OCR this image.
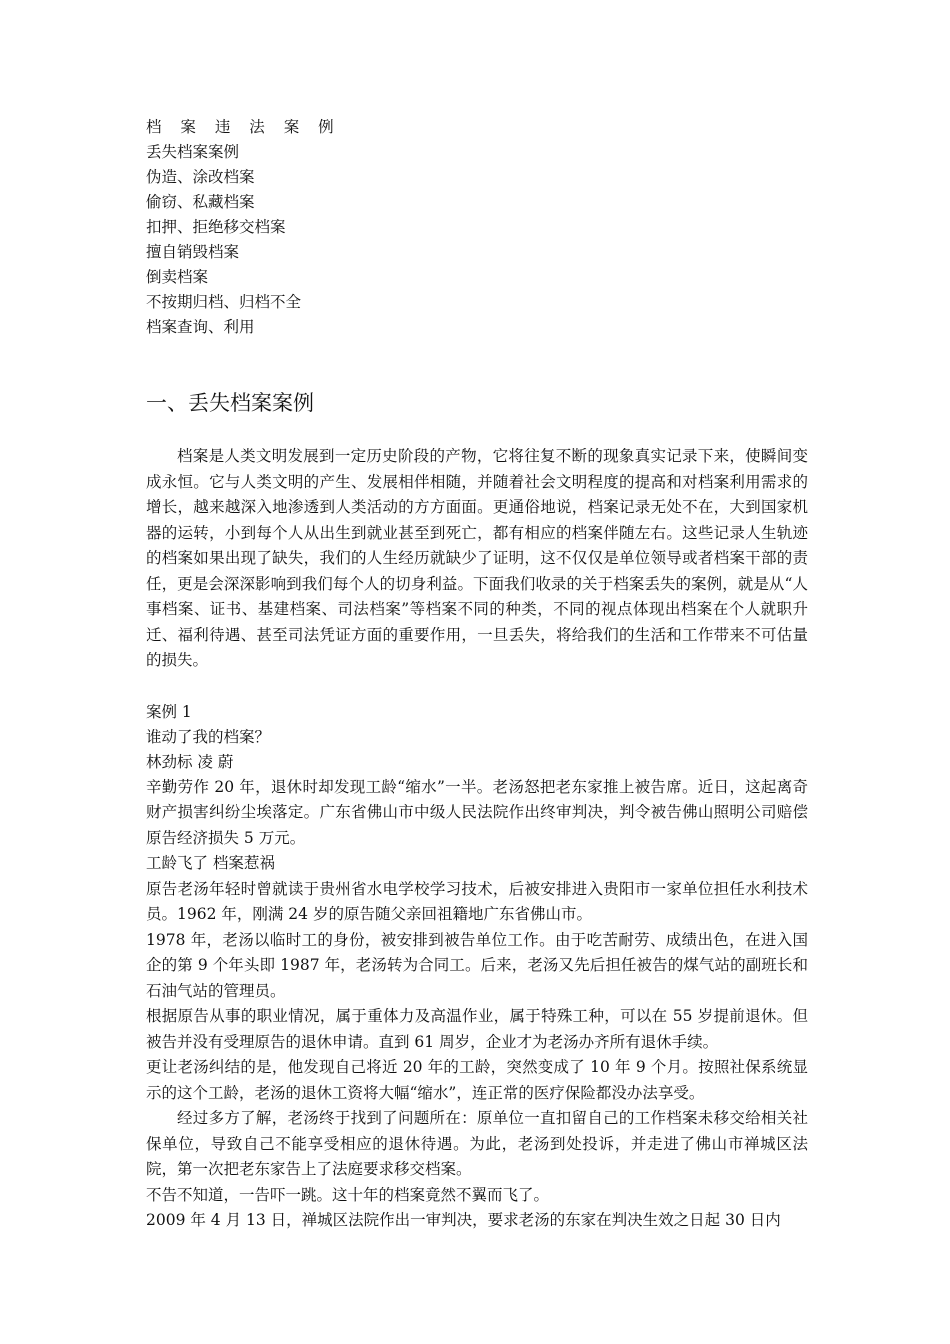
档 案 违 法 案 例
丢失档案案例
伪造、涂改档案
偷窃、私藏档案
扣押、拒绝移交档案
擅自销毁档案
倒卖档案
不按期归档、归档不全
档案查询、利用
一、丢失档案案例

档案是人类文明发展到一定历史阶段的产物，它将往复不断的现象真实记录下来，使瞬间变成永恒。它与人类文明的产生、发展相伴相随，并随着社会文明程度的提高和对档案利用需求的增长，越来越深入地渗透到人类活动的方方面面。更通俗地说，档案记录无处不在，大到国家机器的运转，小到每个人从出生到就业甚至到死亡，都有相应的档案伴随左右。这些记录人生轨迹的档案如果出现了缺失，我们的人生经历就缺少了证明，这不仅仅是单位领导或者档案干部的责任，更是会深深影响到我们每个人的切身利益。下面我们收录的关于档案丢失的案例，就是从“人事档案、证书、基建档案、司法档案”等档案不同的种类，不同的视点体现出档案在个人就职升迁、福利待遇、甚至司法凭证方面的重要作用，一旦丢失，将给我们的生活和工作带来不可估量的损失。

案例 1
谁动了我的档案？
林劲标 凌 蔚

辛勤劳作 20 年，退休时却发现工龄“缩水”一半。老汤怒把老东家推上被告席。近日，这起离奇财产损害纠纷尘埃落定。广东省佛山市中级人民法院作出终审判决，判令被告佛山照明公司赔偿原告经济损失 5 万元。

工龄飞了 档案惹祸

原告老汤年轻时曾就读于贵州省水电学校学习技术，后被安排进入贵阳市一家单位担任水利技术员。1962 年，刚满 24 岁的原告随父亲回祖籍地广东省佛山市。

1978 年，老汤以临时工的身份，被安排到被告单位工作。由于吃苦耐劳、成绩出色，在进入国企的第 9 个年头即 1987 年，老汤转为合同工。后来，老汤又先后担任被告的煤气站的副班长和石油气站的管理员。

根据原告从事的职业情况，属于重体力及高温作业，属于特殊工种，可以在 55 岁提前退休。但被告并没有受理原告的退休申请。直到 61 周岁，企业才为老汤办齐所有退休手续。

更让老汤纠结的是，他发现自己将近 20 年的工龄，突然变成了 10 年 9 个月。按照社保系统显示的这个工龄，老汤的退休工资将大幅“缩水”，连正常的医疗保险都没办法享受。

经过多方了解，老汤终于找到了问题所在：原单位一直扣留自己的工作档案未移交给相关社保单位，导致自己不能享受相应的退休待遇。为此，老汤到处投诉，并走进了佛山市禅城区法院，第一次把老东家告上了法庭要求移交档案。

不告不知道，一告吓一跳。这十年的档案竟然不翼而飞了。

2009 年 4 月 13 日，禅城区法院作出一审判决，要求老汤的东家在判决生效之日起 30 日内
